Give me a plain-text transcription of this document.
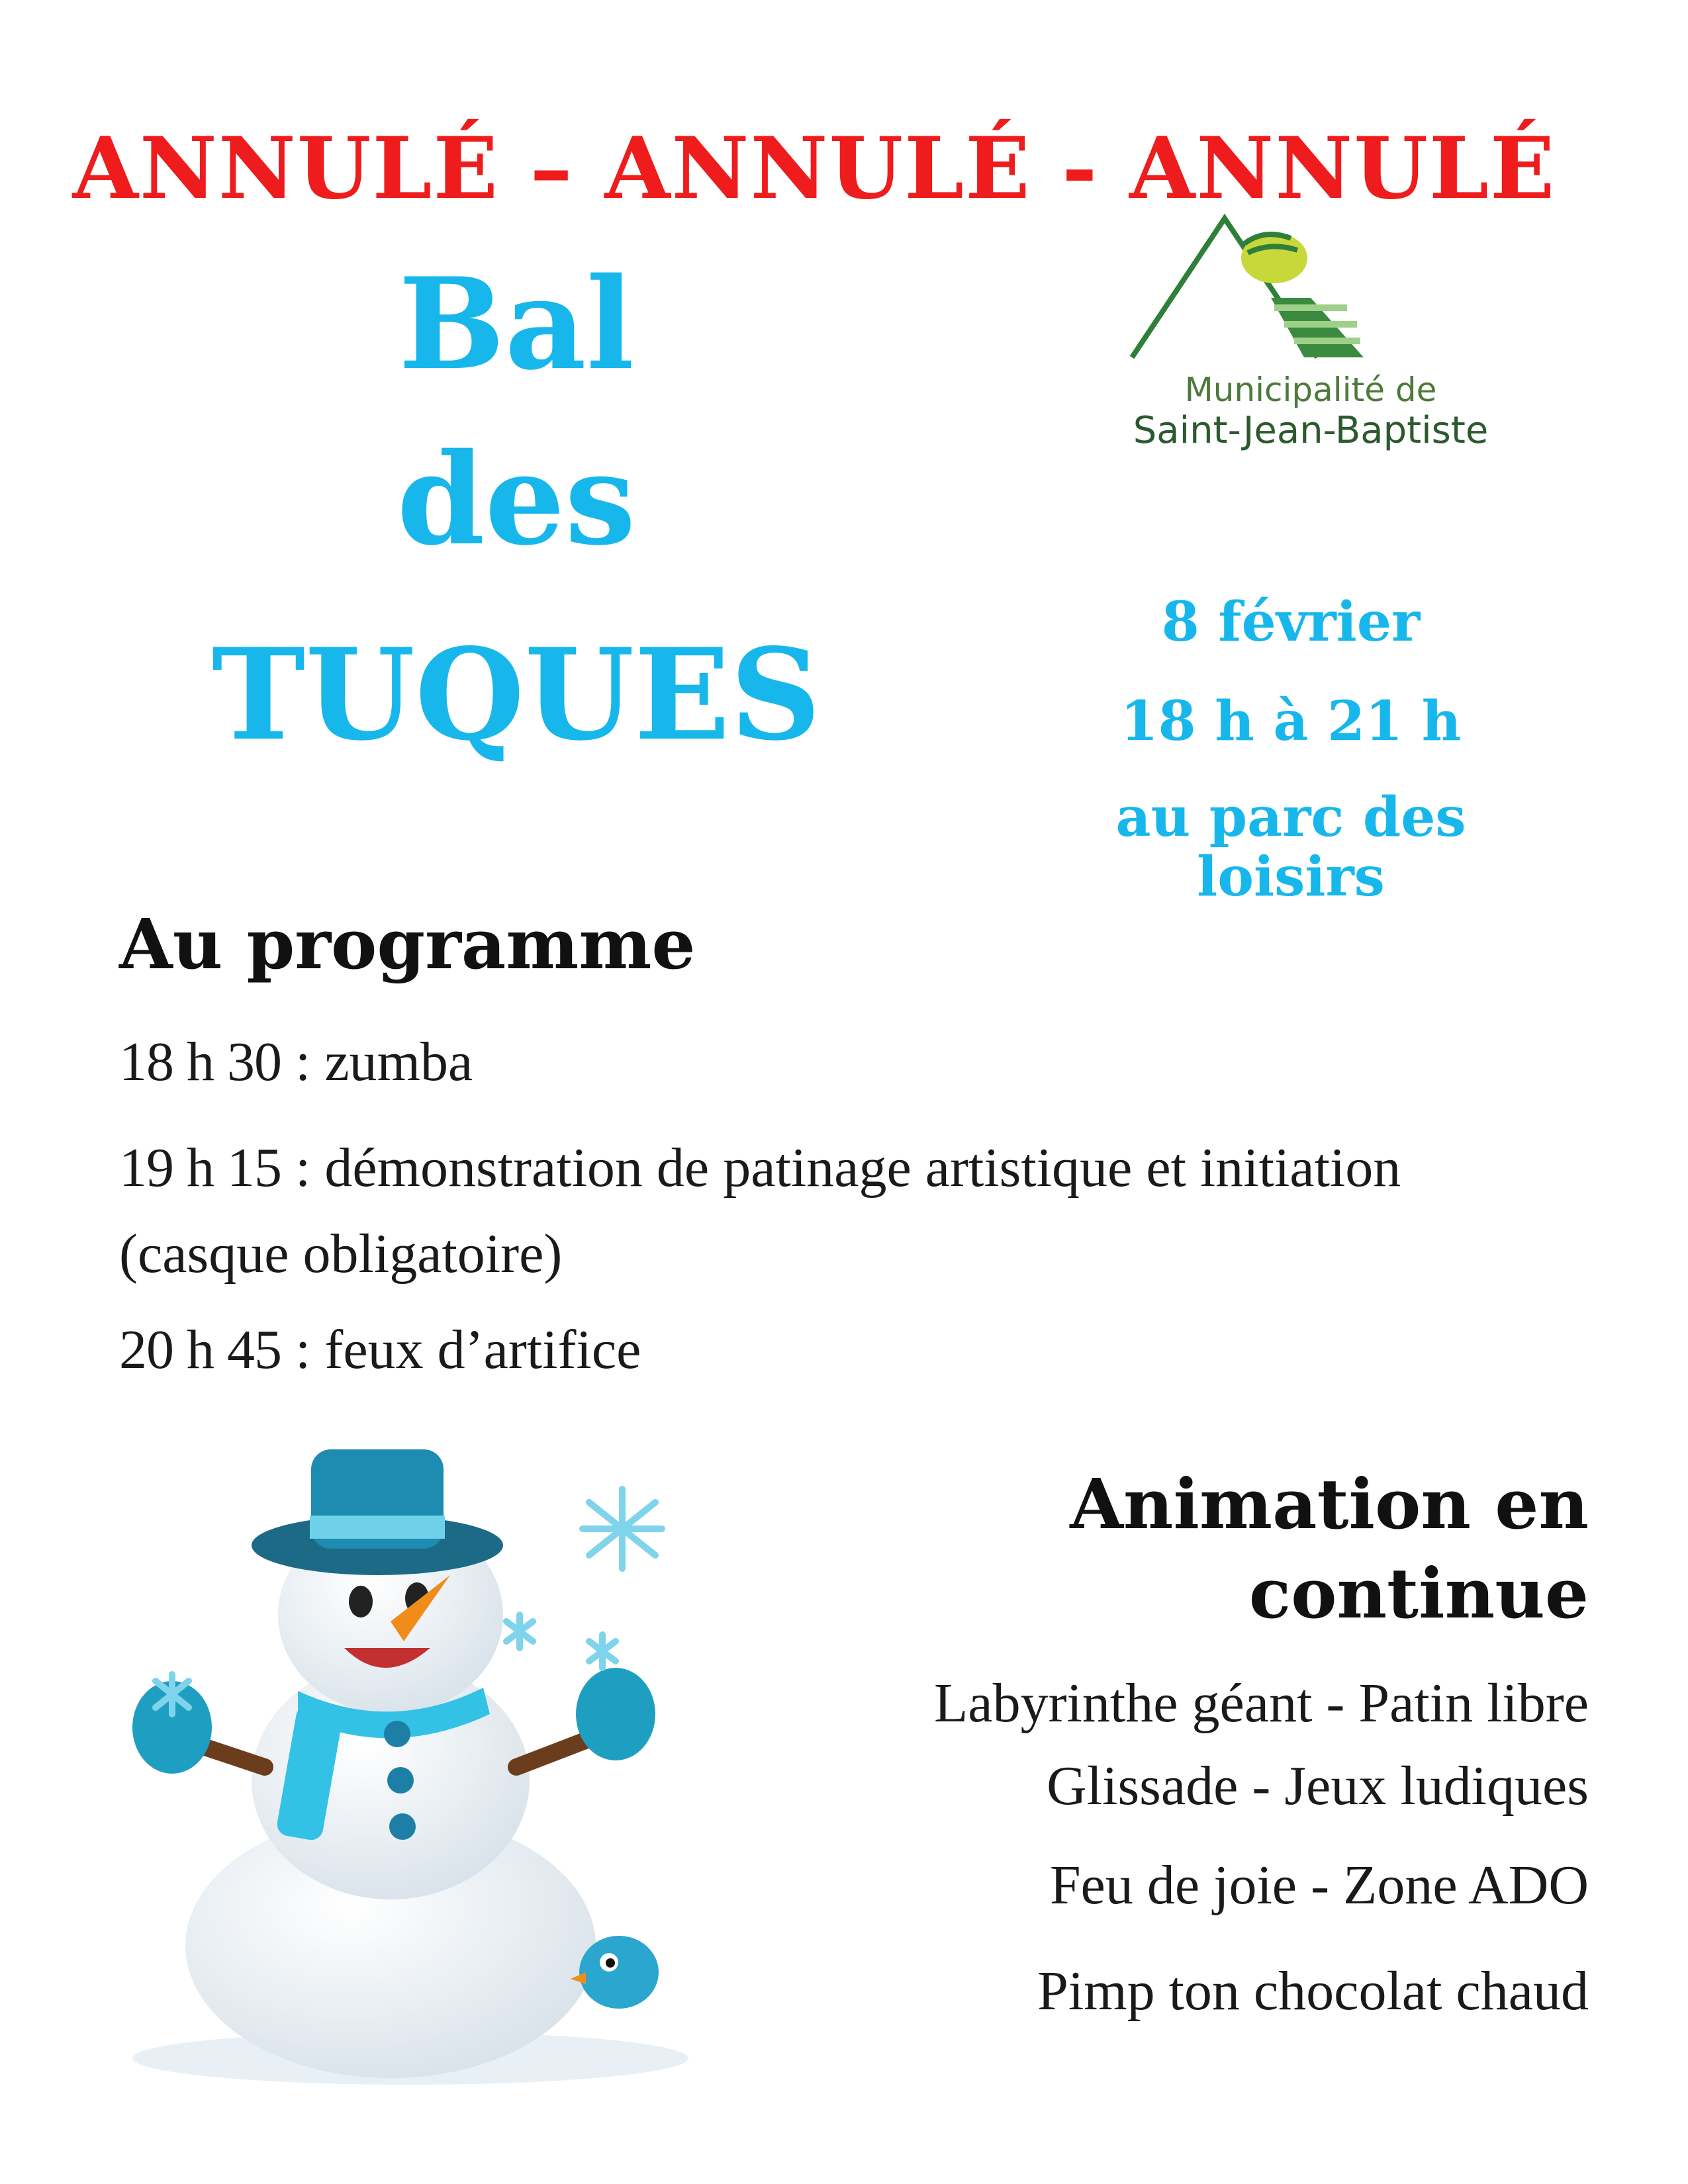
ANNULÉ – ANNULÉ - ANNULÉ
Bal
des
TUQUES
Municipalité de
Saint-Jean-Baptiste
8 février
18 h à 21 h
au parc des loisirs
Au programme
18 h 30 : zumba
19 h 15 : démonstration de patinage artistique et initiation (casque obligatoire)
20 h 45 : feux d’artifice
Animation en continue
Labyrinthe géant - Patin libre
Glissade - Jeux ludiques
Feu de joie - Zone ADO
Pimp ton chocolat chaud
